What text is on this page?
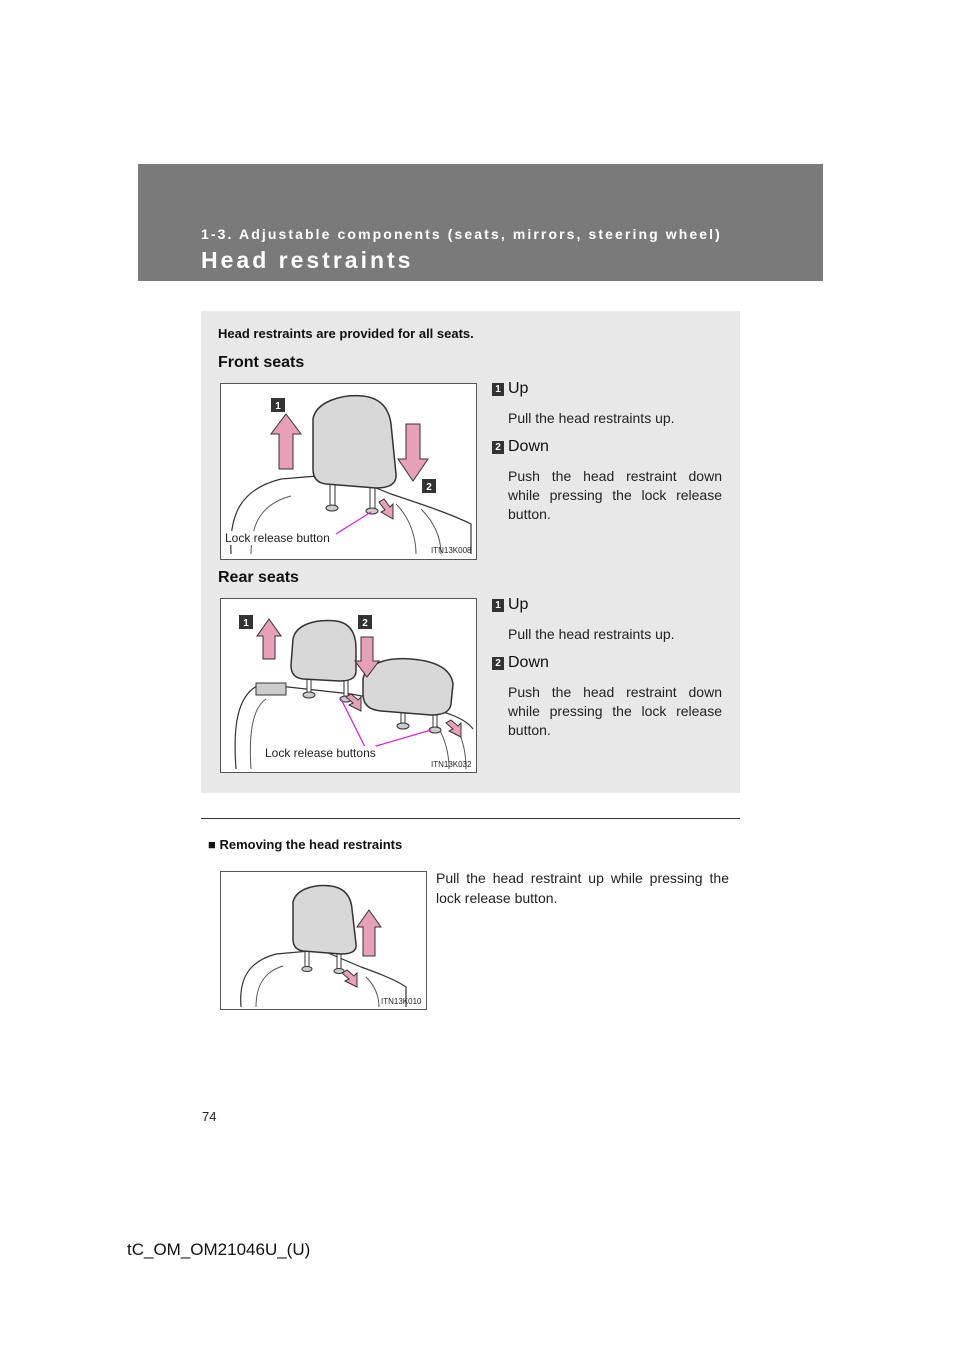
1-3. Adjustable components (seats, mirrors, steering wheel)
Head restraints
Head restraints are provided for all seats.
Front seats
1
2
Lock release button
ITN13K008
1 Up
Pull the head restraints up.
2 Down
Push the head restraint down while pressing the lock release button.
Rear seats
1	2
Lock release buttons
ITN13K032
1 Up
Pull the head restraints up.
2 Down
Push the head restraint down while pressing the lock release button.
■ Removing the head restraints
ITN13K010
Pull the head restraint up while pressing the lock release button.
74
tC_OM_OM21046U_(U)
